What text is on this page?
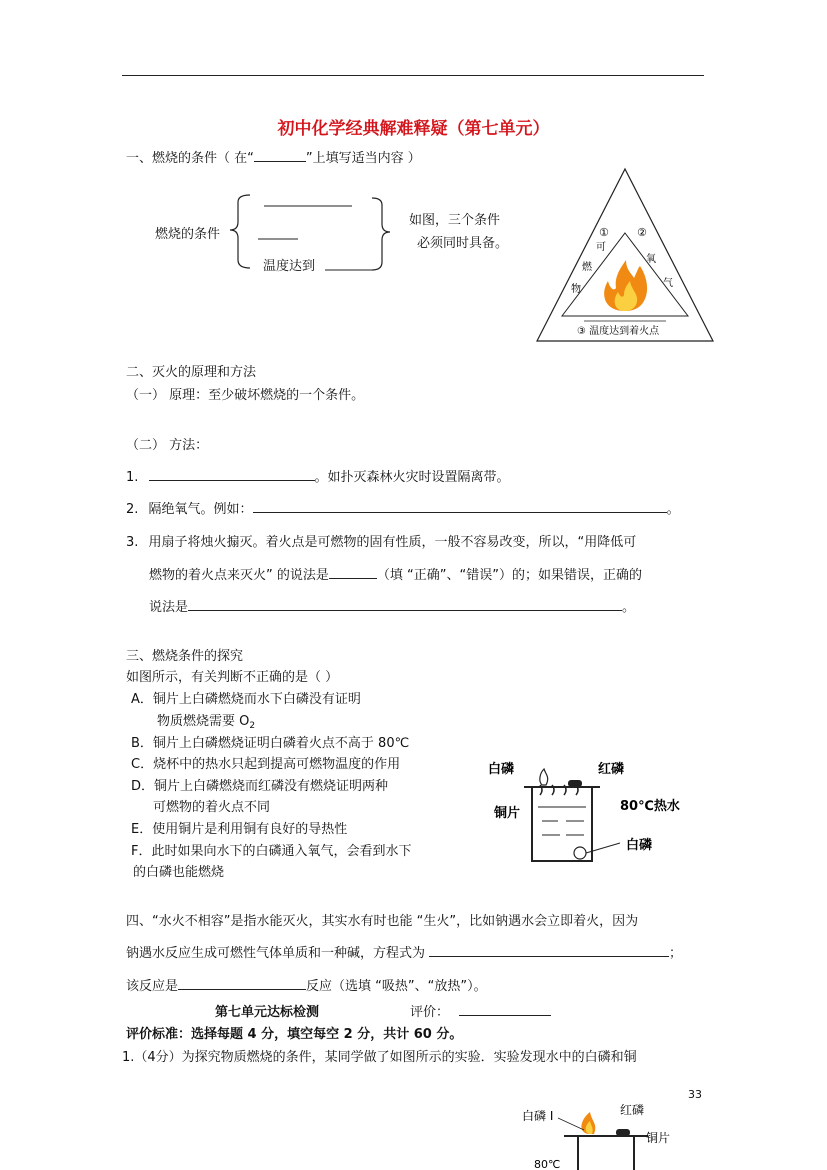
初中化学经典解难释疑（第七单元）
一、燃烧的条件（ 在“	”上填写适当内容 ）
燃烧的条件
温度达到
如图，三个条件
必须同时具备。
①	②
可
燃
物
氧
气
③ 温度达到着火点
二、灭火的原理和方法
（一） 原理：至少破坏燃烧的一个条件。
（二） 方法：
1.	。如扑灭森林火灾时设置隔离带。
2. 隔绝氧气。例如：	。
3. 用扇子将烛火搧灭。着火点是可燃物的固有性质，一般不容易改变，所以，“用降低可
燃物的着火点来灭火” 的说法是	（填 “正确”、“错误”）的；如果错误，正确的
说法是	。
三、燃烧条件的探究
如图所示，有关判断不正确的是（ ）
A．铜片上白磷燃烧而水下白磷没有证明
物质燃烧需要 $O_2$
B．铜片上白磷燃烧证明白磷着火点不高于 80℃
C．烧杯中的热水只起到提高可燃物温度的作用
D．铜片上白磷燃烧而红磷没有燃烧证明两种
可燃物的着火点不同
E．使用铜片是利用铜有良好的导热性
F．此时如果向水下的白磷通入氧气，会看到水下
的白磷也能燃烧
白磷	红磷
铜片	80℃热水
白磷
四、“水火不相容”是指水能灭火，其实水有时也能 “生火”，比如钠遇水会立即着火，因为
钠遇水反应生成可燃性气体单质和一种碱，方程式为	；
该反应是	反应（选填 “吸热”、“放热”）。
第七单元达标检测	评价：
评价标准：选择每题 4 分，填空每空 2 分，共计 60 分。
1.（4分）为探究物质燃烧的条件，某同学做了如图所示的实验．实验发现水中的白磷和铜
33
白磷 I	红磷
铜片
80℃
